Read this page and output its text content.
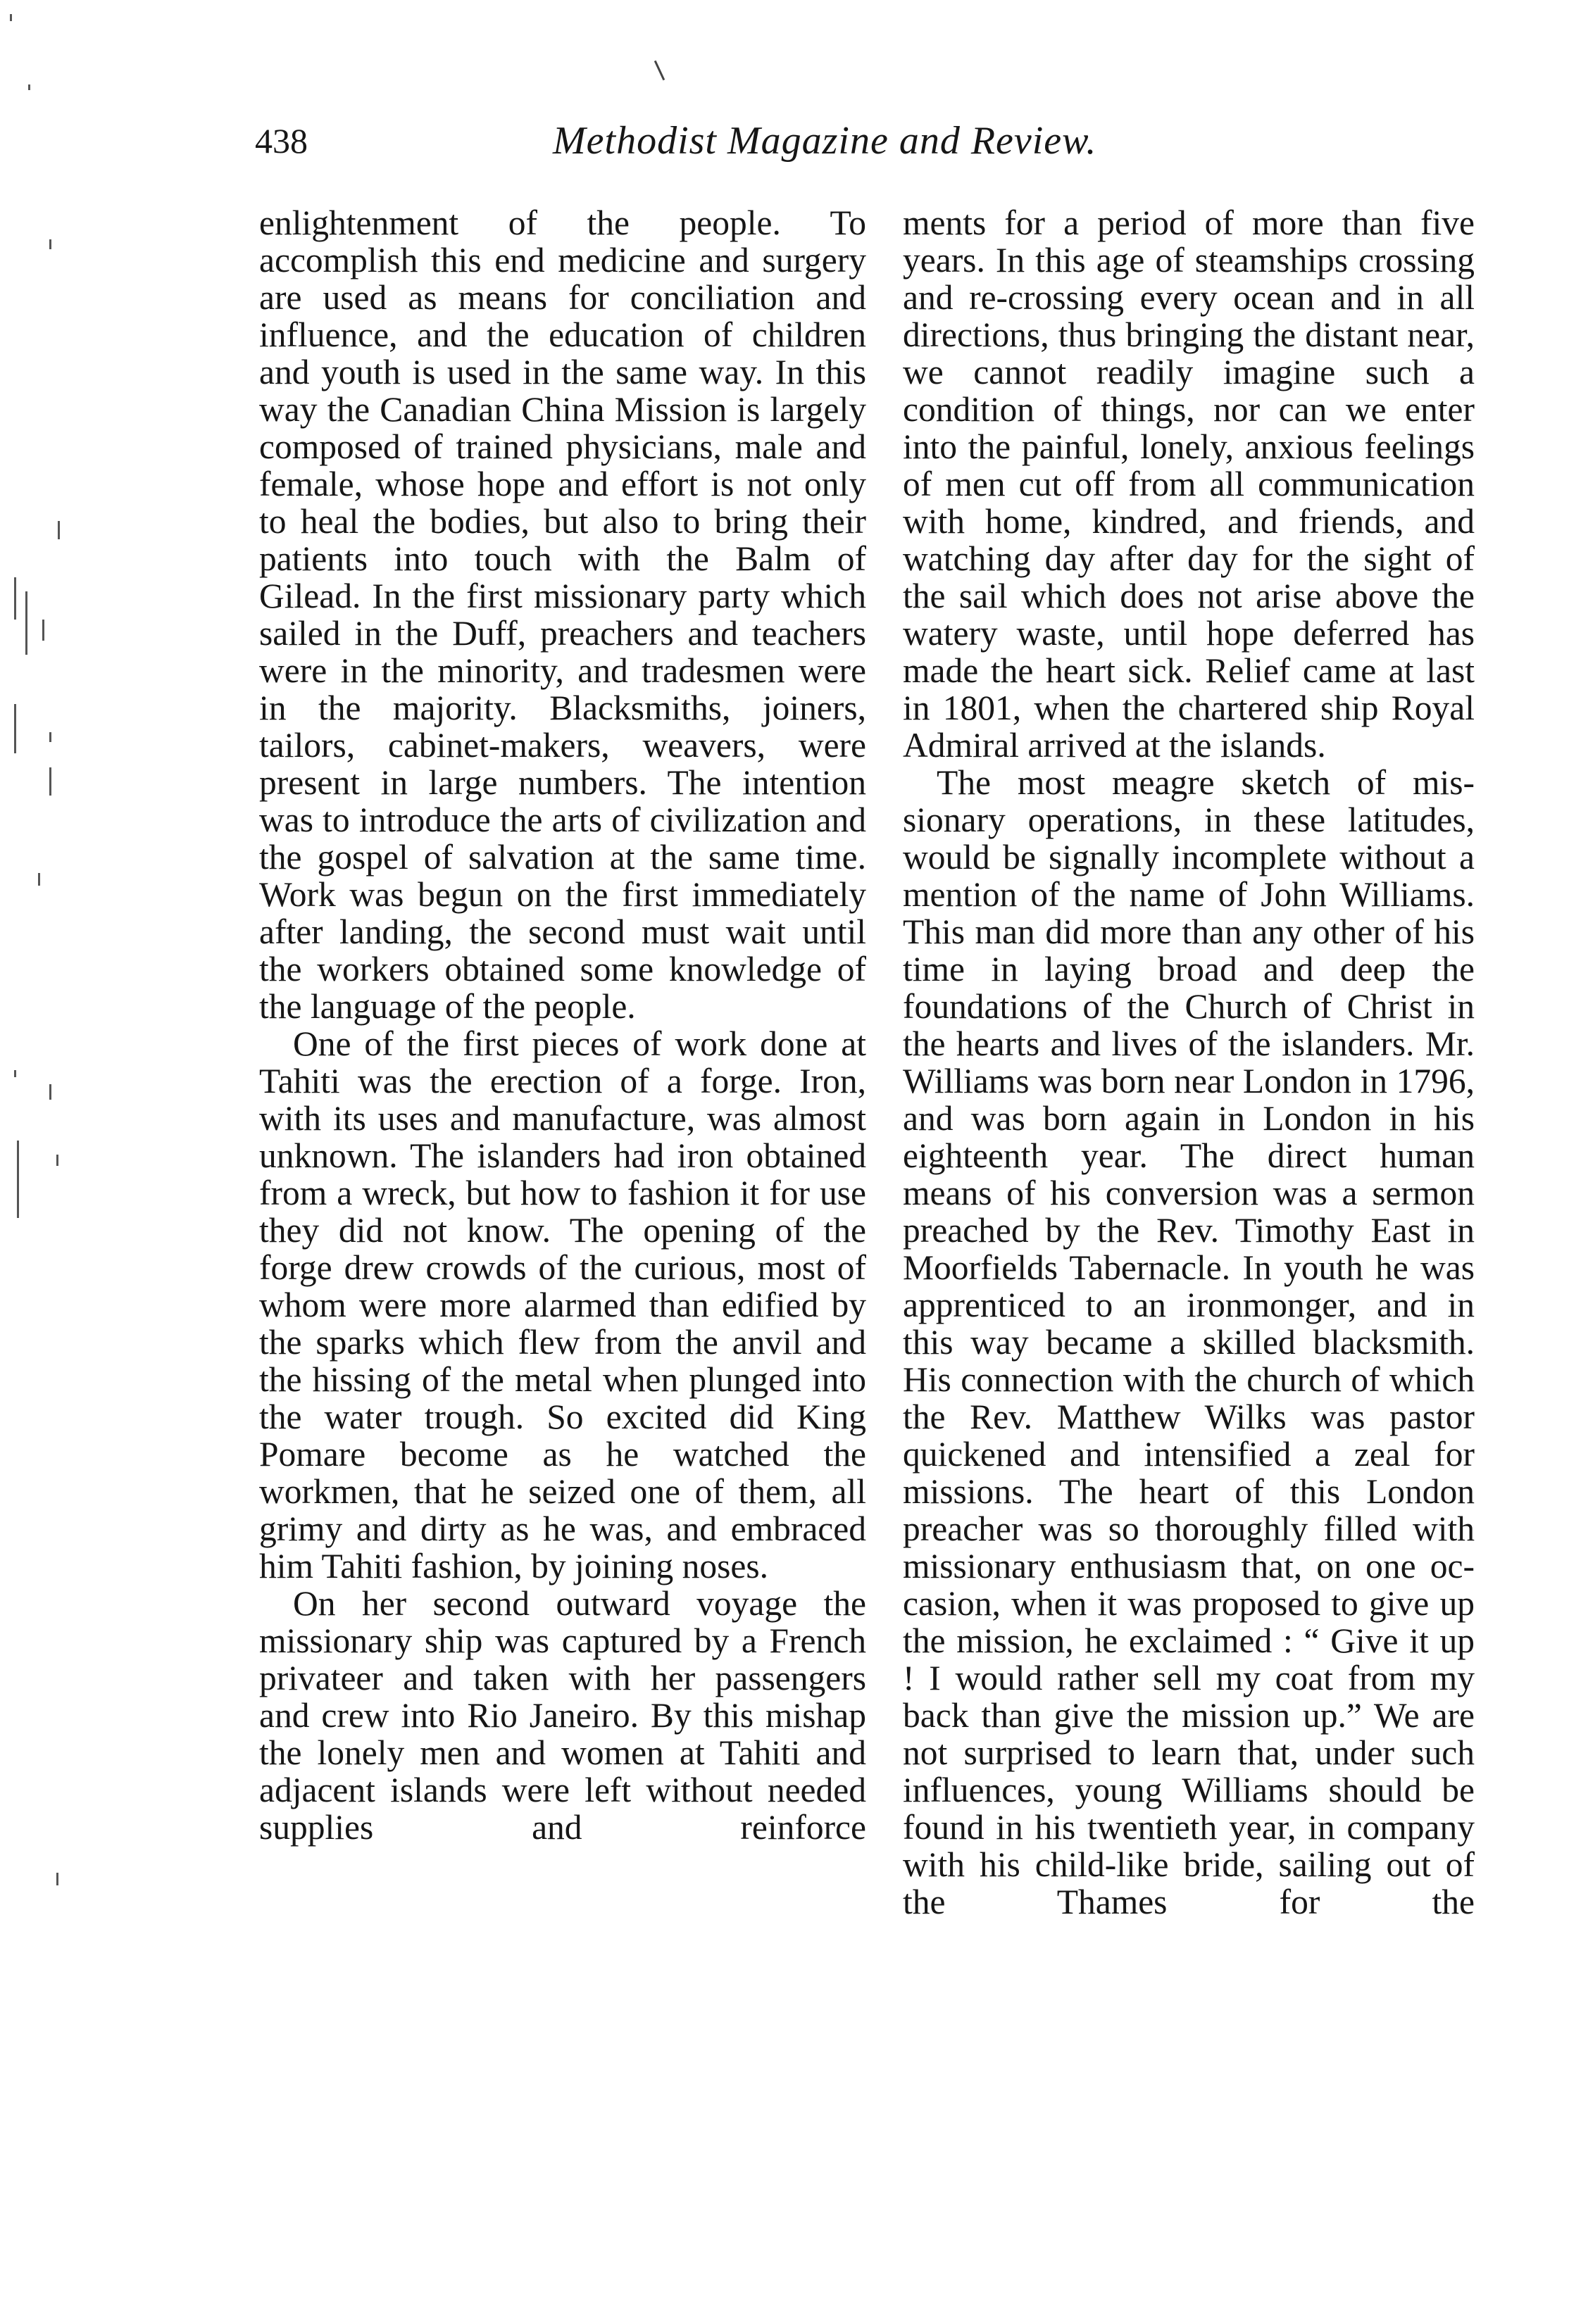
438	Methodist Magazine and Review.

enlightenment of the people. To accomplish this end medicine and surgery are used as means for conciliation and influence, and the education of children and youth is used in the same way. In this way the Canadian China Mission is largely composed of trained physicians, male and female, whose hope and effort is not only to heal the bodies, but also to bring their patients into touch with the Balm of Gilead. In the first missionary party which sailed in the Duff, preachers and teachers were in the minority, and tradesmen were in the majority. Blacksmiths, joiners, tailors, cabinet-makers, weavers, were present in large numbers. The intention was to introduce the arts of civilization and the gospel of salvation at the same time. Work was begun on the first immediately after landing, the second must wait until the workers obtained some knowledge of the language of the people.

One of the first pieces of work done at Tahiti was the erection of a forge. Iron, with its uses and manufacture, was almost unknown. The islanders had iron obtained from a wreck, but how to fashion it for use they did not know. The opening of the forge drew crowds of the curious, most of whom were more alarmed than edified by the sparks which flew from the anvil and the hissing of the metal when plunged into the water trough. So excited did King Pomare become as he watched the workmen, that he seized one of them, all grimy and dirty as he was, and embraced him Tahiti fashion, by joining noses.

On her second outward voyage the missionary ship was captured by a French privateer and taken with her passengers and crew into Rio Janeiro. By this mishap the lonely men and women at Tahiti and adjacent islands were left without needed supplies and reinforce

ments for a period of more than five years. In this age of steamships crossing and re-crossing every ocean and in all directions, thus bringing the distant near, we cannot readily imagine such a condition of things, nor can we enter into the painful, lonely, anxious feelings of men cut off from all communication with home, kindred, and friends, and watching day after day for the sight of the sail which does not arise above the watery waste, until hope deferred has made the heart sick. Relief came at last in 1801, when the chartered ship Royal Admiral arrived at the islands.

The most meagre sketch of missionary operations, in these latitudes, would be signally incomplete without a mention of the name of John Williams. This man did more than any other of his time in laying broad and deep the foundations of the Church of Christ in the hearts and lives of the islanders. Mr. Williams was born near London in 1796, and was born again in London in his eighteenth year. The direct human means of his conversion was a sermon preached by the Rev. Timothy East in Moorfields Tabernacle. In youth he was apprenticed to an ironmonger, and in this way became a skilled blacksmith. His connection with the church of which the Rev. Matthew Wilks was pastor quickened and intensified a zeal for missions. The heart of this London preacher was so thoroughly filled with missionary enthusiasm that, on one occasion, when it was proposed to give up the mission, he exclaimed : “ Give it up ! I would rather sell my coat from my back than give the mission up.” We are not surprised to learn that, under such influences, young Williams should be found in his twentieth year, in company with his child-like bride, sailing out of the Thames for the
